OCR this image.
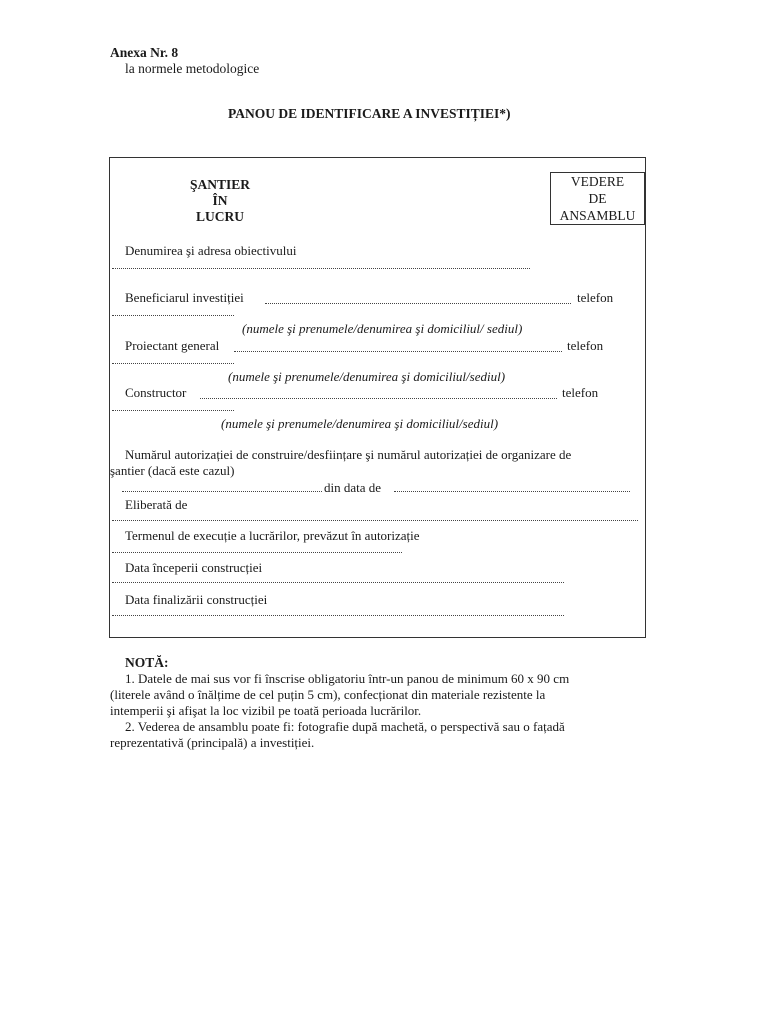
Anexa Nr. 8
la normele metodologice
PANOU DE IDENTIFICARE A INVESTIȚIEI*)
ŞANTIER
ÎN
LUCRU
VEDERE
DE
ANSAMBLU
Denumirea şi adresa obiectivului
Beneficiarul investiției	telefon
(numele şi prenumele/denumirea şi domiciliul/ sediul)
Proiectant general	telefon
(numele şi prenumele/denumirea şi domiciliul/sediul)
Constructor	telefon
(numele şi prenumele/denumirea şi domiciliul/sediul)
Numărul autorizației de construire/desființare şi numărul autorizației de organizare de
şantier (dacă este cazul)
din data de
Eliberată de
Termenul de execuție a lucrărilor, prevăzut în autorizație
Data începerii construcției
Data finalizării construcției
NOTĂ:
1. Datele de mai sus vor fi înscrise obligatoriu într-un panou de minimum 60 x 90 cm
(literele având o înălțime de cel puțin 5 cm), confecționat din materiale rezistente la
intemperii şi afişat la loc vizibil pe toată perioada lucrărilor.
2. Vederea de ansamblu poate fi: fotografie după machetă, o perspectivă sau o fațadă
reprezentativă (principală) a investiției.
